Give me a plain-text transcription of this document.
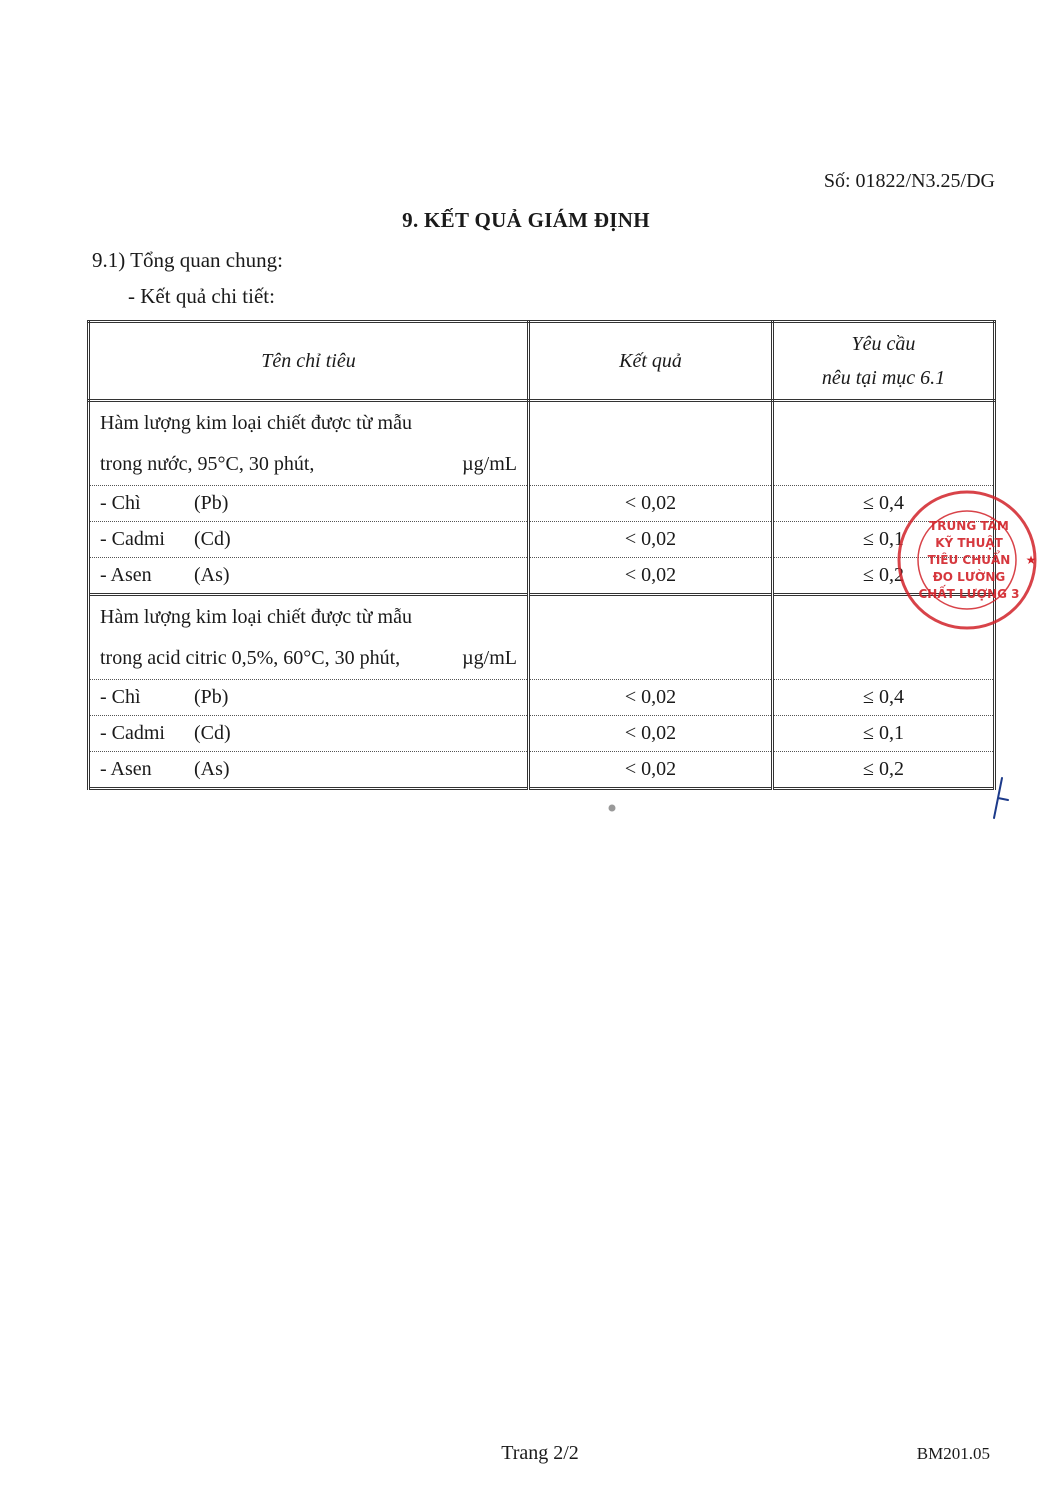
Số: 01822/N3.25/DG
9. KẾT QUẢ GIÁM ĐỊNH
9.1) Tổng quan chung:
- Kết quả chi tiết:
Tên chỉ tiêu	Kết quả	Yêu cầu
nêu tại mục 6.1
Hàm lượng kim loại chiết được từ mẫu
trong nước, 95°C, 30 phút, µg/mL		

- Chì (Pb)	< 0,02	≤ 0,4
- Cadmi (Cd)	< 0,02	≤ 0,1
- Asen (As)	< 0,02	≤ 0,2
Hàm lượng kim loại chiết được từ mẫu
trong acid citric 0,5%, 60°C, 30 phút, µg/mL		

- Chì (Pb)	< 0,02	≤ 0,4
- Cadmi (Cd)	< 0,02	≤ 0,1
- Asen (As)	< 0,02	≤ 0,2
TRUNG TÂM
KỸ THUẬT
TIÊU CHUẨN
ĐO LƯỜNG
CHẤT LƯỢNG 3
★
Trang 2/2	BM201.05
